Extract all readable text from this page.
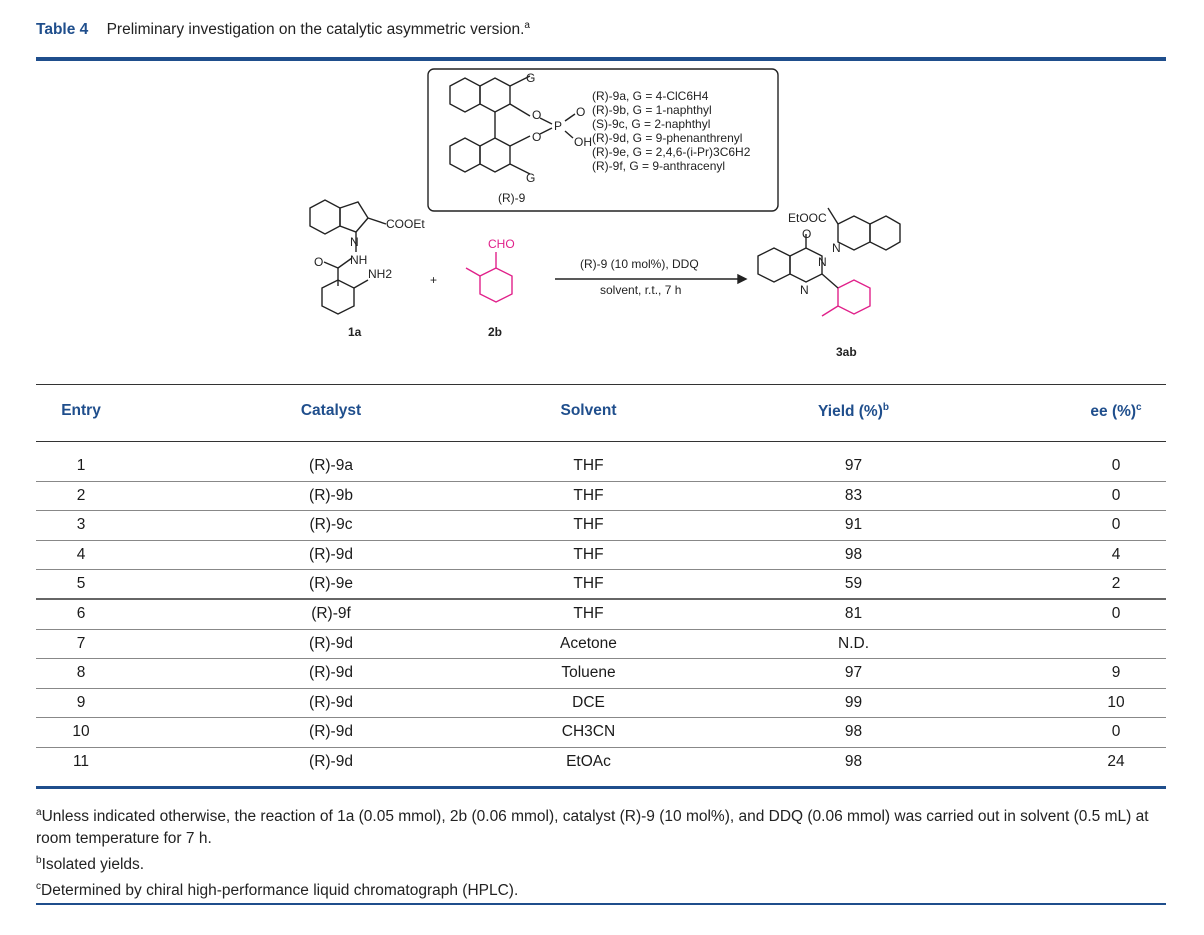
Table 4 Preliminary investigation on the catalytic asymmetric version.$^a$
G
G
O
O
P
O
OH
(R)-9
N
COOEt
NH
O
NH2
1a
+
CHO
2b
(R)-9 (10 mol%), DDQ
solvent, r.t., 7 h
EtOOC
O
N
N
N
3ab
(R)-9a, G = 4-ClC6H4
(R)-9b, G = 1-naphthyl
(S)-9c, G = 2-naphthyl
(R)-9d, G = 9-phenanthrenyl
(R)-9e, G = 2,4,6-(i-Pr)3C6H2
(R)-9f, G = 9-anthracenyl
Entry	Catalyst	Solvent	Yield (%)$^b$	ee (%)$^c$
1	(R)-9a	THF	97	0
2	(R)-9b	THF	83	0
3	(R)-9c	THF	91	0
4	(R)-9d	THF	98	4
5	(R)-9e	THF	59	2
6	(R)-9f	THF	81	0
7	(R)-9d	Acetone	N.D.
8	(R)-9d	Toluene	97	9
9	(R)-9d	DCE	99	10
10	(R)-9d	CH3CN	98	0
11	(R)-9d	EtOAc	98	24

$^a$Unless indicated otherwise, the reaction of 1a (0.05 mmol), 2b (0.06 mmol), catalyst (R)-9 (10 mol%), and DDQ (0.06 mmol) was carried out in solvent (0.5 mL) at room temperature for 7 h.

$^b$Isolated yields.

$^c$Determined by chiral high-performance liquid chromatograph (HPLC).
